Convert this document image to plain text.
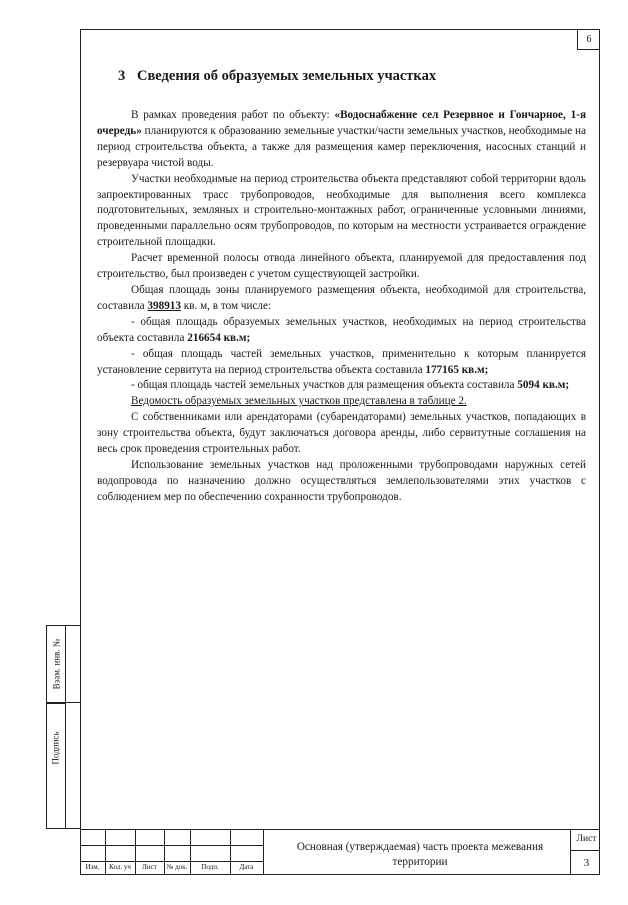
6
Взам. инв. №
Подпись
3 Сведения об образуемых земельных участках

В рамках проведения работ по объекту: «Водоснабжение сел Резервное и Гончарное, 1-я очередь» планируются к образованию земельные участки/части земельных участков, необходимые на период строительства объекта, а также для размещения камер переключения, насосных станций и резервуара чистой воды.

Участки необходимые на период строительства объекта представляют собой территории вдоль запроектированных трасс трубопроводов, необходимые для выполнения всего комплекса подготовительных, земляных и строительно-монтажных работ, ограниченные условными линиями, проведенными параллельно осям трубопроводов, по которым на местности устраивается ограждение строительной площадки.

Расчет временной полосы отвода линейного объекта, планируемой для предоставления под строительство, был произведен с учетом существующей застройки.

Общая площадь зоны планируемого размещения объекта, необходимой для строительства, составила 398913 кв. м, в том числе:

- общая площадь образуемых земельных участков, необходимых на период строительства объекта составила 216654 кв.м;

- общая площадь частей земельных участков, применительно к которым планируется установление сервитута на период строительства объекта составила 177165 кв.м;

- общая площадь частей земельных участков для размещения объекта составила 5094 кв.м;

Ведомость образуемых земельных участков представлена в таблице 2.

С собственниками или арендаторами (субарендаторами) земельных участков, попадающих в зону строительства объекта, будут заключаться договора аренды, либо сервитутные соглашения на весь срок проведения строительных работ.

Использование земельных участков над проложенными трубопроводами наружных сетей водопровода по назначению должно осуществляться землепользователями этих участков с соблюдением мер по обеспечению сохранности трубопроводов.

Изм.	Кол. уч	Лист	№ док.	Подп.	Дата
Основная (утверждаемая) часть проекта межевания территории
Лист
3
